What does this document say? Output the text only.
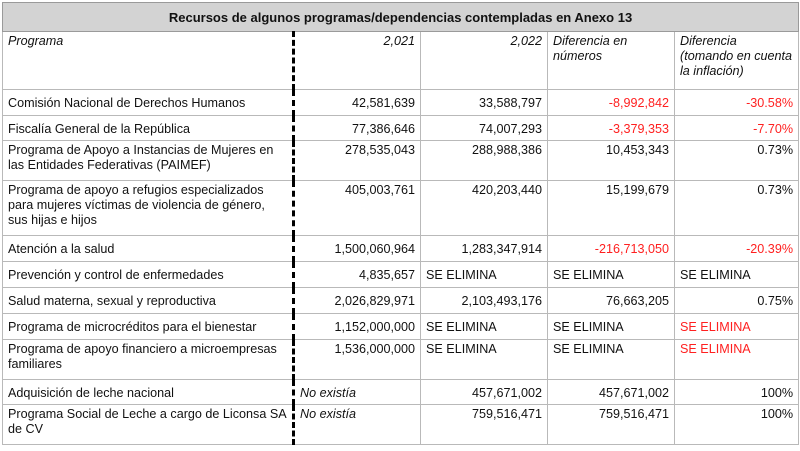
Recursos de algunos programas/dependencias contempladas en Anexo 13				
Programa	2,021	2,022	Diferencia en números	Diferencia (tomando en cuenta la inflación)
Comisión Nacional de Derechos Humanos	42,581,639	33,588,797	-8,992,842	-30.58%
Fiscalía General de la República	77,386,646	74,007,293	-3,379,353	-7.70%
Programa de Apoyo a Instancias de Mujeres en las Entidades Federativas (PAIMEF)	278,535,043	288,988,386	10,453,343	0.73%
Programa de apoyo a refugios especializados para mujeres víctimas de violencia de género, sus hijas e hijos	405,003,761	420,203,440	15,199,679	0.73%
Atención a la salud	1,500,060,964	1,283,347,914	-216,713,050	-20.39%
Prevención y control de enfermedades	4,835,657	SE ELIMINA	SE ELIMINA	SE ELIMINA
Salud materna, sexual y reproductiva	2,026,829,971	2,103,493,176	76,663,205	0.75%
Programa de microcréditos para el bienestar	1,152,000,000	SE ELIMINA	SE ELIMINA	SE ELIMINA
Programa de apoyo financiero a microempresas familiares	1,536,000,000	SE ELIMINA	SE ELIMINA	SE ELIMINA
Adquisición de leche nacional	No existía	457,671,002	457,671,002	100%
Programa Social de Leche a cargo de Liconsa SA de CV	No existía	759,516,471	759,516,471	100%
